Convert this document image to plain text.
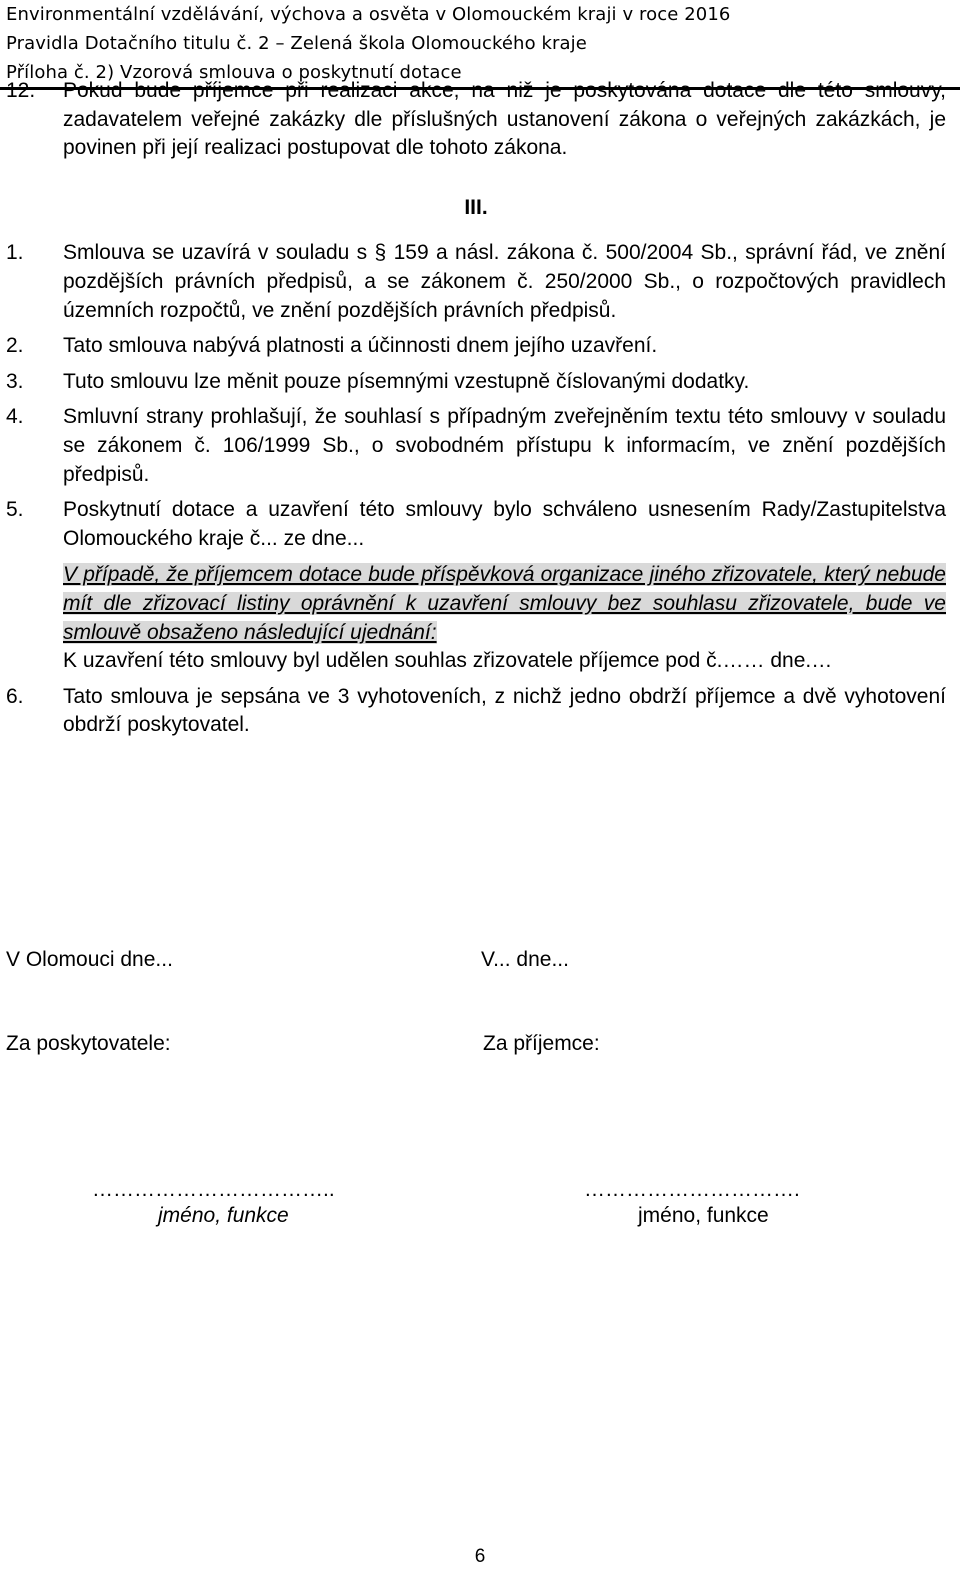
Environmentální vzdělávání, výchova a osvěta v Olomouckém kraji v roce 2016
Pravidla Dotačního titulu č. 2 – Zelená škola Olomouckého kraje
Příloha č. 2) Vzorová smlouva o poskytnutí dotace
12. Pokud bude příjemce při realizaci akce, na niž je poskytována dotace dle této smlouvy, zadavatelem veřejné zakázky dle příslušných ustanovení zákona o veřejných zakázkách, je povinen při její realizaci postupovat dle tohoto zákona.
III.
1. Smlouva se uzavírá v souladu s § 159 a násl. zákona č. 500/2004 Sb., správní řád, ve znění pozdějších právních předpisů, a se zákonem č. 250/2000 Sb., o rozpočtových pravidlech územních rozpočtů, ve znění pozdějších právních předpisů.
2. Tato smlouva nabývá platnosti a účinnosti dnem jejího uzavření.
3. Tuto smlouvu lze měnit pouze písemnými vzestupně číslovanými dodatky.
4. Smluvní strany prohlašují, že souhlasí s případným zveřejněním textu této smlouvy v souladu se zákonem č. 106/1999 Sb., o svobodném přístupu k informacím, ve znění pozdějších předpisů.
5. Poskytnutí dotace a uzavření této smlouvy bylo schváleno usnesením Rady/Zastupitelstva Olomouckého kraje č... ze dne...
V případě, že příjemcem dotace bude příspěvková organizace jiného zřizovatele, který nebude mít dle zřizovací listiny oprávnění k uzavření smlouvy bez souhlasu zřizovatele, bude ve smlouvě obsaženo následující ujednání:
K uzavření této smlouvy byl udělen souhlas zřizovatele příjemce pod č.…… dne.…
6. Tato smlouva je sepsána ve 3 vyhotoveních, z nichž jedno obdrží příjemce a dvě vyhotovení obdrží poskytovatel.
V Olomouci dne...	V... dne...
Za poskytovatele:	Za příjemce:
……………………………..	………………………….
jméno, funkce	jméno, funkce
6
